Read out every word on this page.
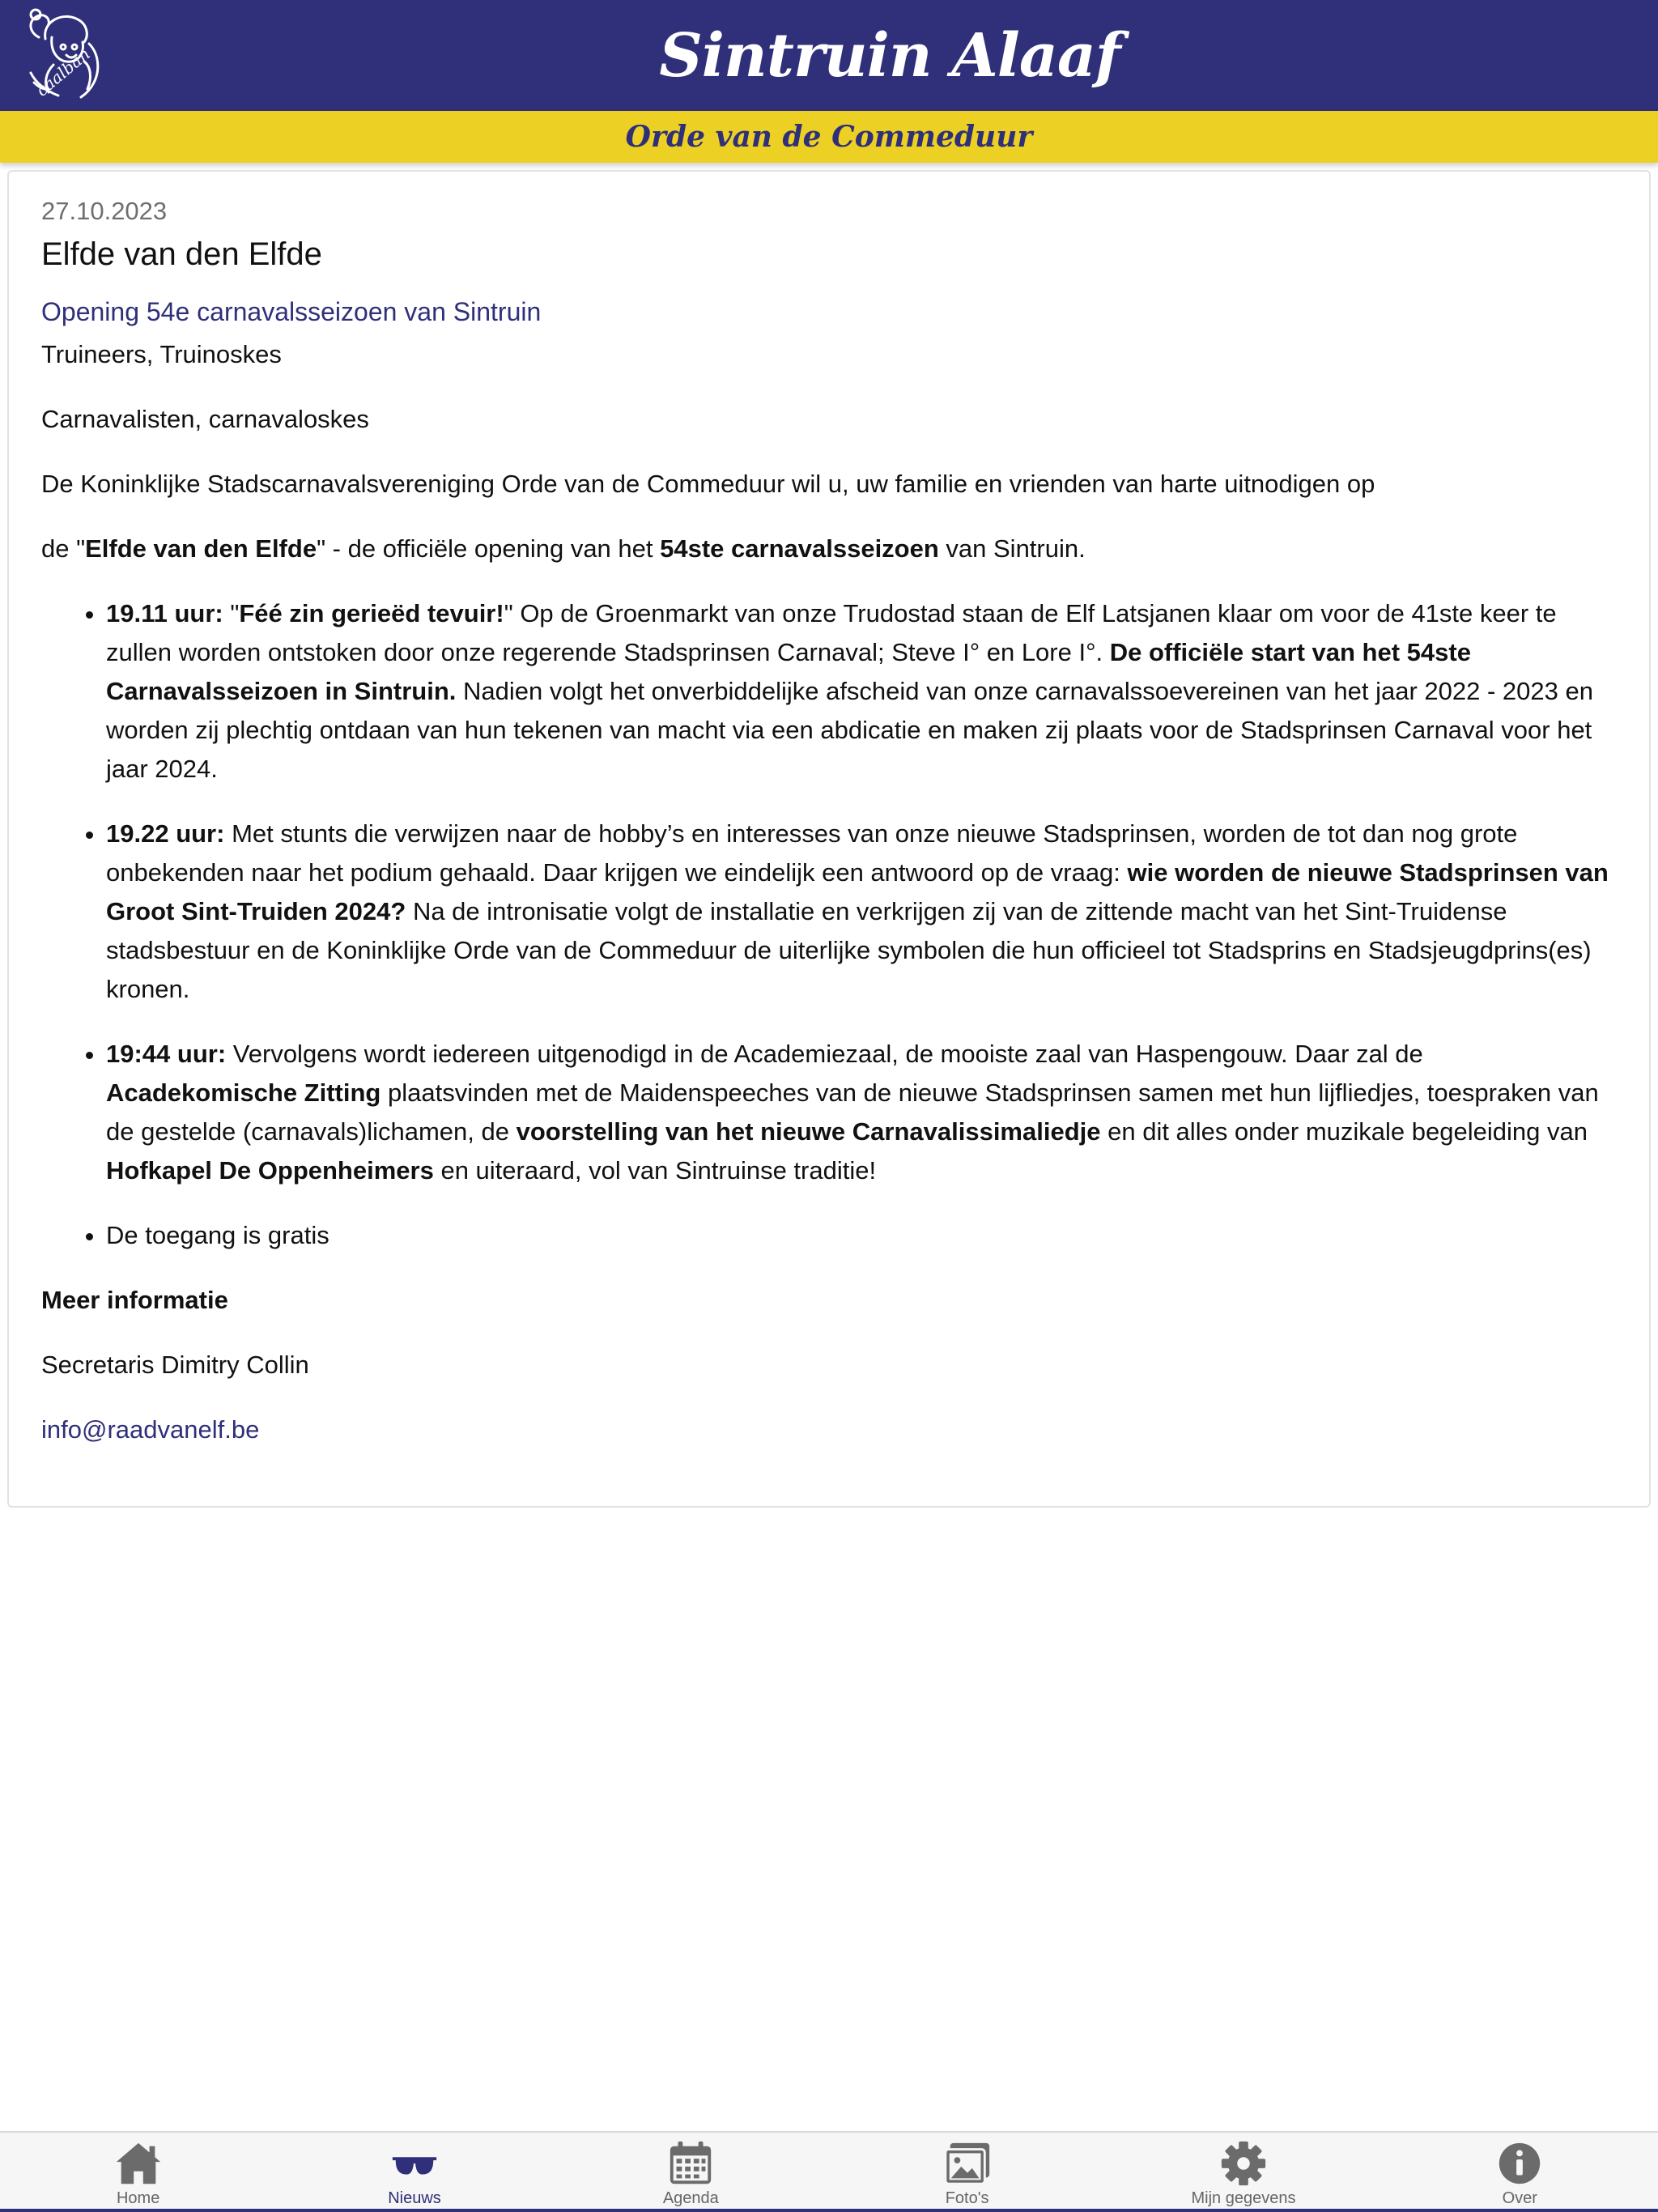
caalban	Sintruin Alaaf
Orde van de Commeduur

27.10.2023

Elfde van den Elfde

Opening 54e carnavalsseizoen van Sintruin

Truineers, Truinoskes

Carnavalisten, carnavaloskes

De Koninklijke Stadscarnavalsvereniging Orde van de Commeduur wil u, uw familie en vrienden van harte uitnodigen op

de "Elfde van den Elfde" - de officiële opening van het 54ste carnavalsseizoen van Sintruin.

• 19.11 uur: "Féé zin gerieëd tevuir!" Op de Groenmarkt van onze Trudostad staan de Elf Latsjanen klaar om voor de 41ste keer te zullen worden ontstoken door onze regerende Stadsprinsen Carnaval; Steve I° en Lore I°. De officiële start van het 54ste Carnavalsseizoen in Sintruin. Nadien volgt het onverbiddelijke afscheid van onze carnavalssoevereinen van het jaar 2022 - 2023 en worden zij plechtig ontdaan van hun tekenen van macht via een abdicatie en maken zij plaats voor de Stadsprinsen Carnaval voor het jaar 2024.
• 19.22 uur: Met stunts die verwijzen naar de hobby’s en interesses van onze nieuwe Stadsprinsen, worden de tot dan nog grote onbekenden naar het podium gehaald. Daar krijgen we eindelijk een antwoord op de vraag: wie worden de nieuwe Stadsprinsen van Groot Sint-Truiden 2024? Na de intronisatie volgt de installatie en verkrijgen zij van de zittende macht van het Sint-Truidense stadsbestuur en de Koninklijke Orde van de Commeduur de uiterlijke symbolen die hun officieel tot Stadsprins en Stadsjeugdprins(es) kronen.
• 19:44 uur: Vervolgens wordt iedereen uitgenodigd in de Academiezaal, de mooiste zaal van Haspengouw. Daar zal de Acadekomische Zitting plaatsvinden met de Maidenspeeches van de nieuwe Stadsprinsen samen met hun lijfliedjes, toespraken van de gestelde (carnavals)lichamen, de voorstelling van het nieuwe Carnavalissimaliedje en dit alles onder muzikale begeleiding van Hofkapel De Oppenheimers en uiteraard, vol van Sintruinse traditie!
• De toegang is gratis

Meer informatie

Secretaris Dimitry Collin

info@raadvanelf.be

Home	Nieuws	Agenda	Foto's	Mijn gegevens	Over
